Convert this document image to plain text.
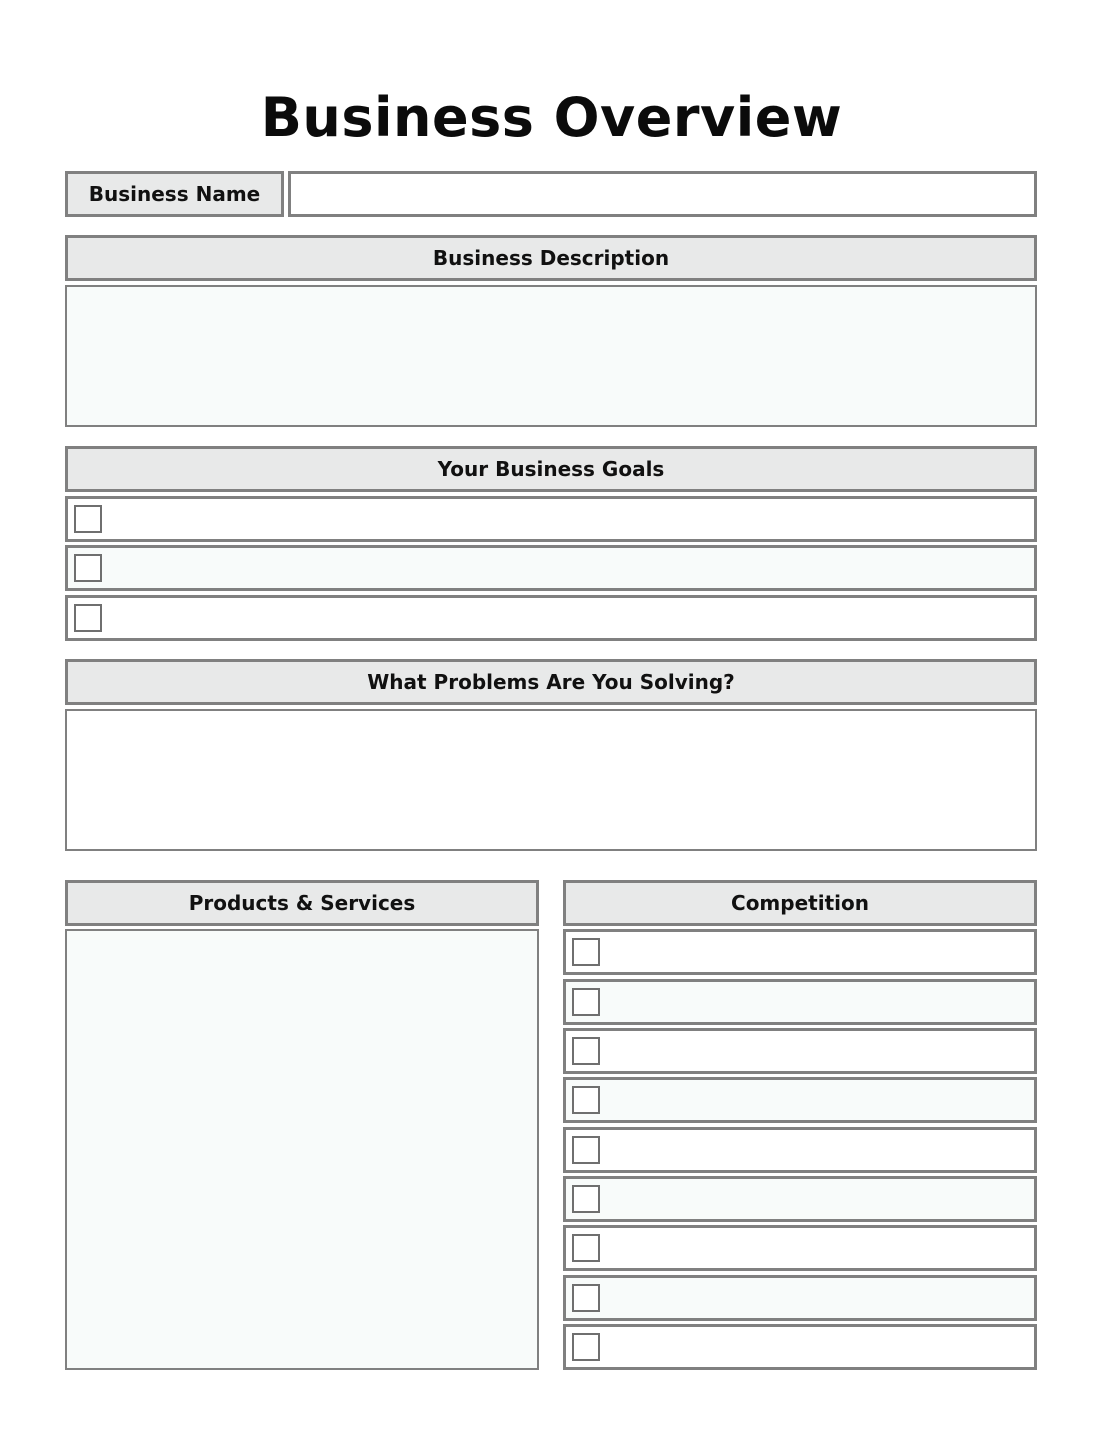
Business Overview
Business Name
Business Description
Your Business Goals
What Problems Are You Solving?
Products & Services	Competition
